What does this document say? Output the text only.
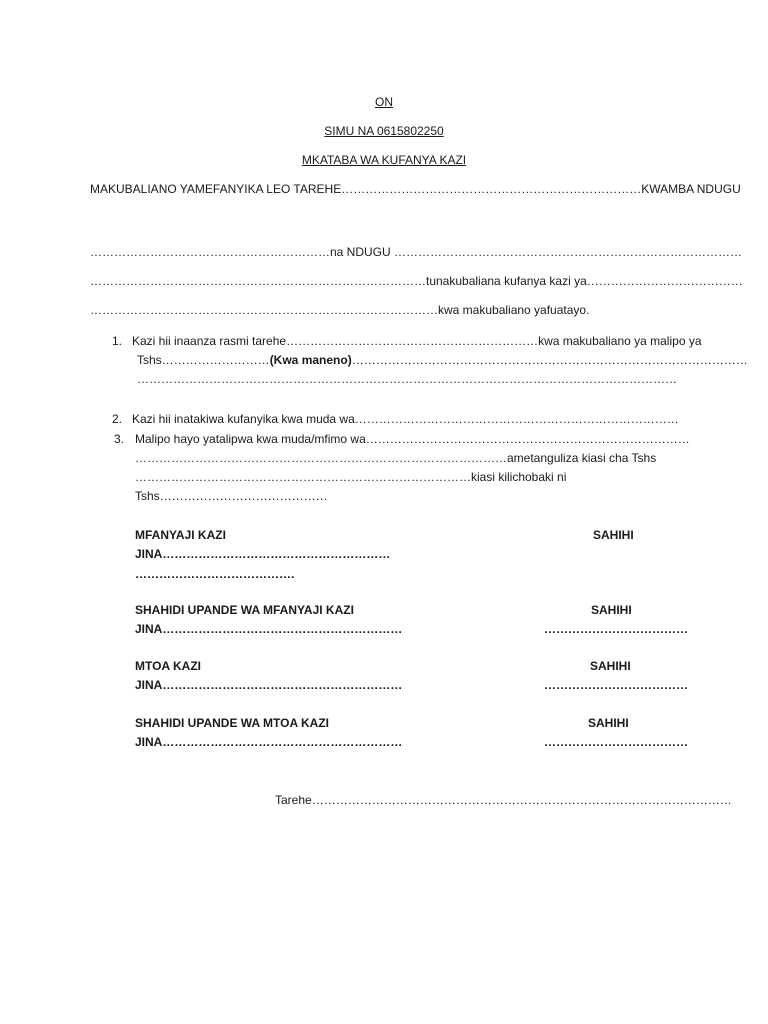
ON
SIMU NA 0615802250
MKATABA WA KUFANYA KAZI
MAKUBALIANO YAMEFANYIKA LEO TAREHE…………………………………………………………………KWAMBA NDUGU
……………………………………………………na NDUGU ……………………………………………………………………………
…………………………………………………………………………tunakubaliana kufanya kazi ya…………………………………
……………………………………………………………………………kwa makubaliano yafuatayo.
1. Kazi hii inaanza rasmi tarehe………………………………………………………kwa makubaliano ya malipo ya
Tshs………………………(Kwa maneno)………………………………………………………………………………………
………………………………………………………………………………………………………………………
2. Kazi hii inatakiwa kufanyika kwa muda wa………………………………………………………………………
3. Malipo hayo yatalipwa kwa muda/mfimo wa………………………………………………………………………
…………………………………………………………………………………ametanguliza kiasi cha Tshs
…………………………………………………………………………kiasi kilichobaki ni
Tshs……………………………………
MFANYAJI KAZI	SAHIHI
JINA…………………………………………………
………………………………….
SHAHIDI UPANDE WA MFANYAJI KAZI	SAHIHI
JINA……………………………………………………	………………………………
MTOA KAZI	SAHIHI
JINA……………………………………………………	………………………………
SHAHIDI UPANDE WA MTOA KAZI	SAHIHI
JINA……………………………………………………	………………………………
Tarehe……………………………………………………………………………………………
